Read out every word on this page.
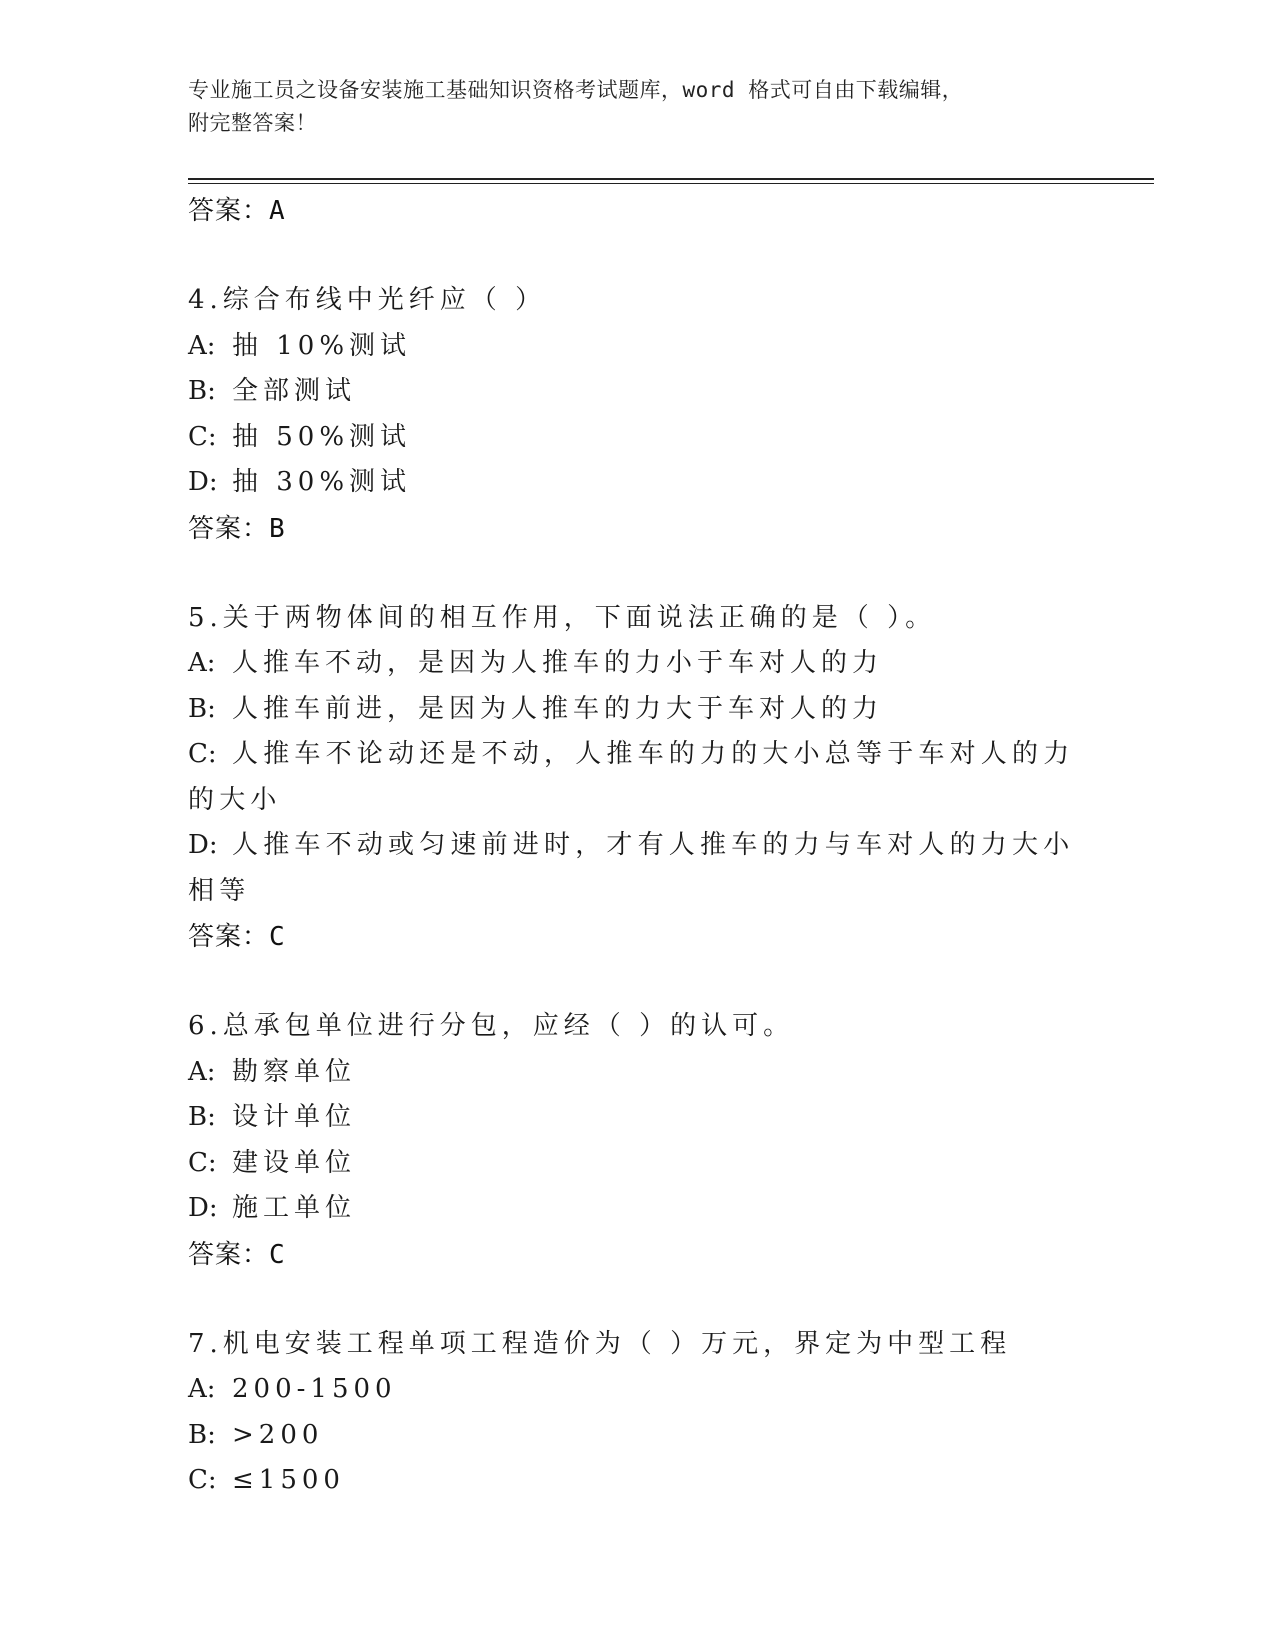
专业施工员之设备安装施工基础知识资格考试题库，word 格式可自由下载编辑，
附完整答案！
答案：A
4.综合布线中光纤应（ ）
A: 抽 10%测试
B: 全部测试
C: 抽 50%测试
D: 抽 30%测试
答案：B
5.关于两物体间的相互作用，下面说法正确的是（ ）。
A: 人推车不动，是因为人推车的力小于车对人的力
B: 人推车前进，是因为人推车的力大于车对人的力
C: 人推车不论动还是不动，人推车的力的大小总等于车对人的力的大小
D: 人推车不动或匀速前进时，才有人推车的力与车对人的力大小相等
答案：C
6.总承包单位进行分包，应经（ ）的认可。
A: 勘察单位
B: 设计单位
C: 建设单位
D: 施工单位
答案：C
7.机电安装工程单项工程造价为（ ）万元，界定为中型工程
A: 200-1500
B: >200
C: ≤1500
